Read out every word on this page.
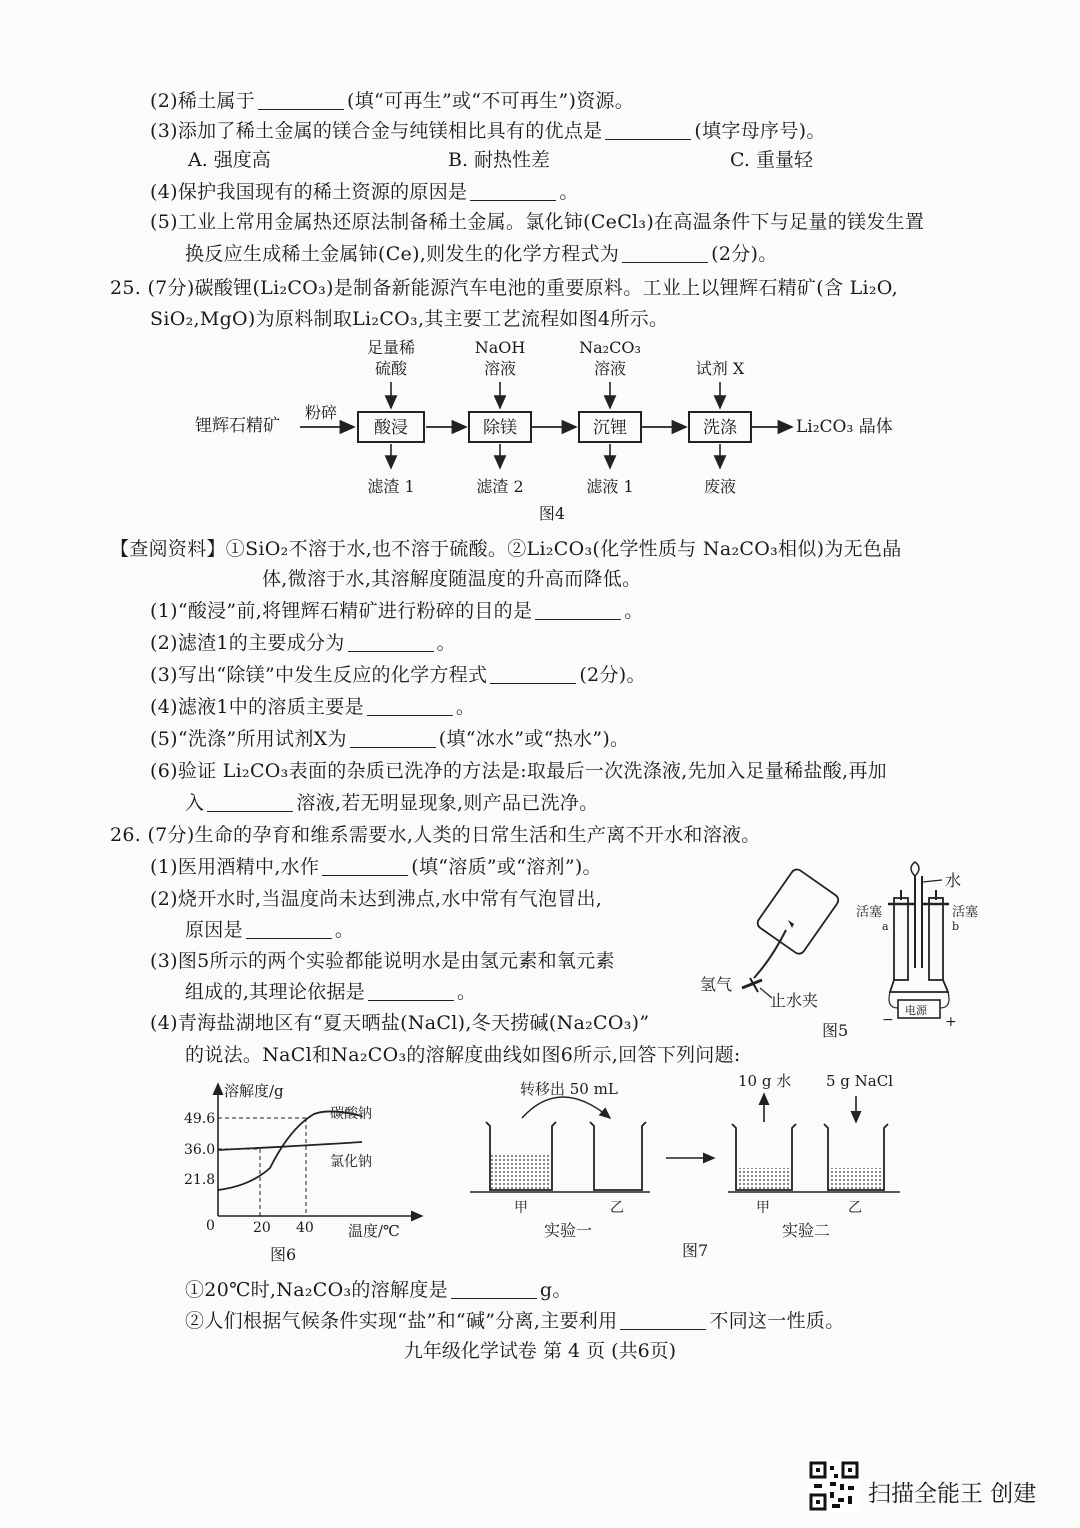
(2)稀土属于	(填“可再生”或“不可再生”)资源。
(3)添加了稀土金属的镁合金与纯镁相比具有的优点是	(填字母序号)。
A. 强度高	B. 耐热性差	C. 重量轻
(4)保护我国现有的稀土资源的原因是	。
(5)工业上常用金属热还原法制备稀土金属。氯化铈(CeCl₃)在高温条件下与足量的镁发生置
换反应生成稀土金属铈(Ce),则发生的化学方程式为	(2分)。
25. (7分)碳酸锂(Li₂CO₃)是制备新能源汽车电池的重要原料。工业上以锂辉石精矿(含 Li₂O,
SiO₂,MgO)为原料制取Li₂CO₃,其主要工艺流程如图4所示。
锂辉石精矿
粉碎
Li₂CO₃ 晶体
酸浸	除镁	沉锂	洗涤
足量稀
硫酸
NaOH
溶液
Na₂CO₃
溶液	试剂 X
滤渣 1	滤渣 2	滤液 1	废液
图4
【查阅资料】①SiO₂不溶于水,也不溶于硫酸。②Li₂CO₃(化学性质与 Na₂CO₃相似)为无色晶
体,微溶于水,其溶解度随温度的升高而降低。
(1)“酸浸”前,将锂辉石精矿进行粉碎的目的是	。
(2)滤渣1的主要成分为	。
(3)写出“除镁”中发生反应的化学方程式	(2分)。
(4)滤液1中的溶质主要是	。
(5)“洗涤”所用试剂X为	(填“冰水”或“热水”)。
(6)验证 Li₂CO₃表面的杂质已洗净的方法是:取最后一次洗涤液,先加入足量稀盐酸,再加
入	溶液,若无明显现象,则产品已洗净。
26. (7分)生命的孕育和维系需要水,人类的日常生活和生产离不开水和溶液。
(1)医用酒精中,水作	(填“溶质”或“溶剂”)。
(2)烧开水时,当温度尚未达到沸点,水中常有气泡冒出,
原因是	。
(3)图5所示的两个实验都能说明水是由氢元素和氧元素
组成的,其理论依据是	。
(4)青海盐湖地区有“夏天晒盐(NaCl),冬天捞碱(Na₂CO₃)”
的说法。NaCl和Na₂CO₃的溶解度曲线如图6所示,回答下列问题:
氢气
止水夹
水
活塞	活塞
a	b
电源
−	+
图5
溶解度/g
温度/℃
49.6
36.0
21.8
0	20 40
碳酸钠
氯化钠
图6
转移出 50 mL
甲	乙
实验一
10 g 水 5 g NaCl
甲	乙
实验二
图7
①20℃时,Na₂CO₃的溶解度是	g。
②人们根据气候条件实现“盐”和“碱”分离,主要利用	不同这一性质。
九年级化学试卷 第 4 页 (共6页)
扫描全能王 创建
